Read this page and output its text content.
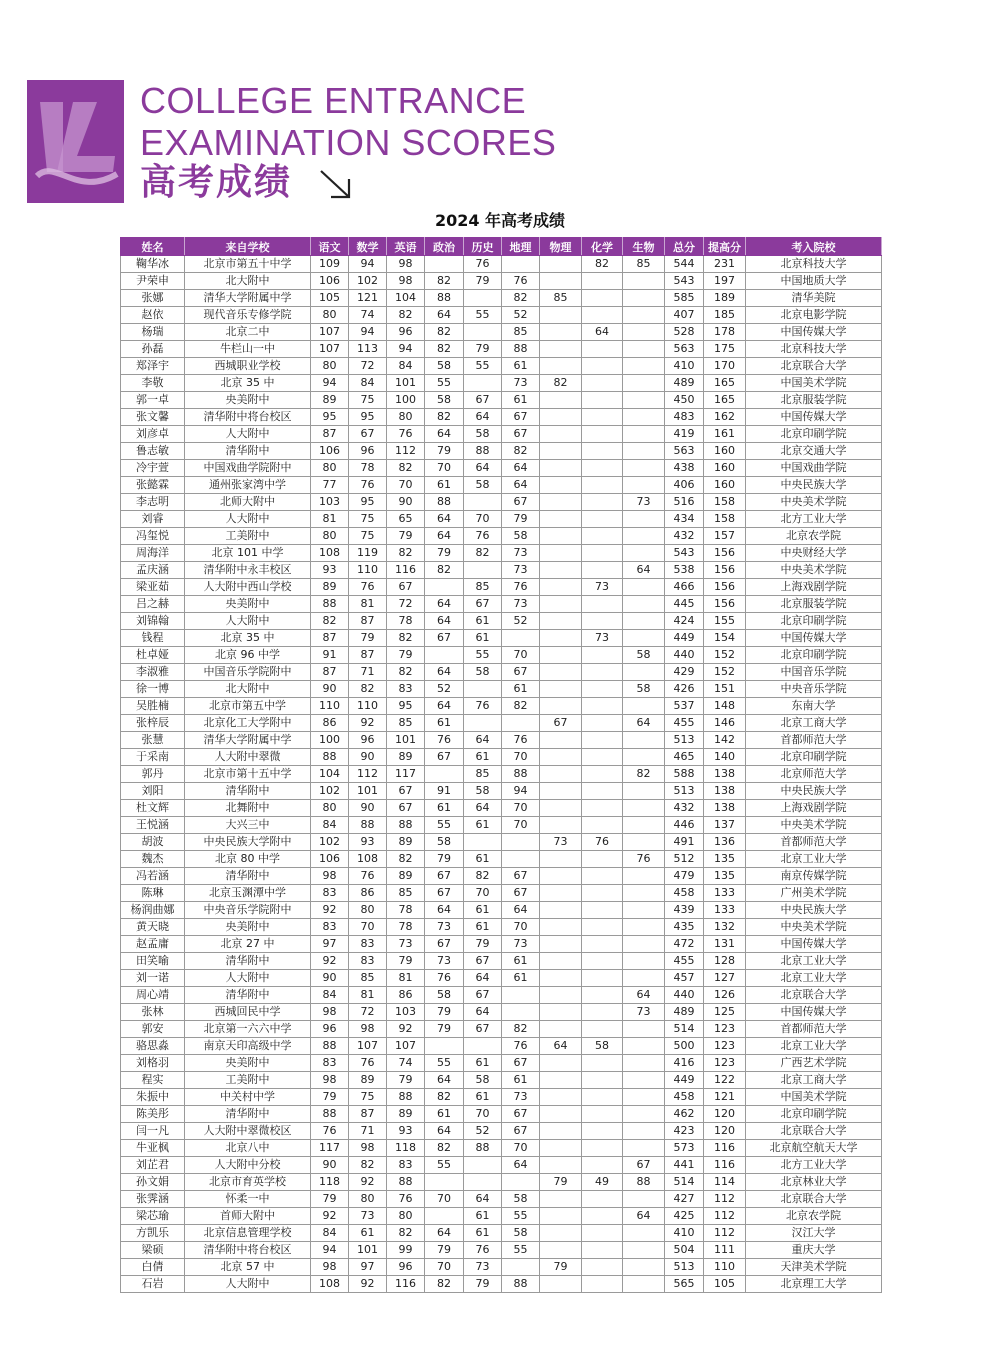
COLLEGE ENTRANCE
EXAMINATION SCORES
高考成绩
2024 年高考成绩
姓名	来自学校	语文	数学	英语	政治	历史	地理	物理	化学	生物	总分	提高分	考入院校
鞠华冰	北京市第五十中学	109	94	98		76			82	85	544	231	北京科技大学
尹荣申	北大附中	106	102	98	82	79	76				543	197	中国地质大学
张娜	清华大学附属中学	105	121	104	88		82	85			585	189	清华美院
赵依	现代音乐专修学院	80	74	82	64	55	52				407	185	北京电影学院
杨瑞	北京二中	107	94	96	82		85		64		528	178	中国传媒大学
孙磊	牛栏山一中	107	113	94	82	79	88				563	175	北京科技大学
郑泽宇	西城职业学校	80	72	84	58	55	61				410	170	北京联合大学
李敬	北京 35 中	94	84	101	55		73	82			489	165	中国美术学院
郭一卓	央美附中	89	75	100	58	67	61				450	165	北京服装学院
张文馨	清华附中将台校区	95	95	80	82	64	67				483	162	中国传媒大学
刘彦卓	人大附中	87	67	76	64	58	67				419	161	北京印刷学院
鲁志敏	清华附中	106	96	112	79	88	82				563	160	北京交通大学
冷宇萱	中国戏曲学院附中	80	78	82	70	64	64				438	160	中国戏曲学院
张懿霖	通州张家湾中学	77	76	70	61	58	64				406	160	中央民族大学
李志明	北师大附中	103	95	90	88		67			73	516	158	中央美术学院
刘睿	人大附中	81	75	65	64	70	79				434	158	北方工业大学
冯玺悦	工美附中	80	75	79	64	76	58				432	157	北京农学院
周海洋	北京 101 中学	108	119	82	79	82	73				543	156	中央财经大学
孟庆涵	清华附中永丰校区	93	110	116	82		73			64	538	156	中央美术学院
梁亚茹	人大附中西山学校	89	76	67		85	76		73		466	156	上海戏剧学院
吕之赫	央美附中	88	81	72	64	67	73				445	156	北京服装学院
刘锦翰	人大附中	82	87	78	64	61	52				424	155	北京印刷学院
钱程	北京 35 中	87	79	82	67	61			73		449	154	中国传媒大学
杜卓娅	北京 96 中学	91	87	79		55	70			58	440	152	北京印刷学院
李淑雅	中国音乐学院附中	87	71	82	64	58	67				429	152	中国音乐学院
徐一博	北大附中	90	82	83	52		61			58	426	151	中央音乐学院
吴胜楠	北京市第五中学	110	110	95	64	76	82				537	148	东南大学
张梓辰	北京化工大学附中	86	92	85	61			67		64	455	146	北京工商大学
张慧	清华大学附属中学	100	96	101	76	64	76				513	142	首都师范大学
于采南	人大附中翠微	88	90	89	67	61	70				465	140	北京印刷学院
郭丹	北京市第十五中学	104	112	117		85	88			82	588	138	北京师范大学
刘阳	清华附中	102	101	67	91	58	94				513	138	中央民族大学
杜文辉	北舞附中	80	90	67	61	64	70				432	138	上海戏剧学院
王悦涵	大兴三中	84	88	88	55	61	70				446	137	中央美术学院
胡波	中央民族大学附中	102	93	89	58			73	76		491	136	首都师范大学
魏杰	北京 80 中学	106	108	82	79	61				76	512	135	北京工业大学
冯若涵	清华附中	98	76	89	67	82	67				479	135	南京传媒学院
陈琳	北京玉渊潭中学	83	86	85	67	70	67				458	133	广州美术学院
杨润曲娜	中央音乐学院附中	92	80	78	64	61	64				439	133	中央民族大学
黄天晓	央美附中	83	70	78	73	61	70				435	132	中央美术学院
赵孟庸	北京 27 中	97	83	73	67	79	73				472	131	中国传媒大学
田笑喻	清华附中	92	83	79	73	67	61				455	128	北京工业大学
刘一诺	人大附中	90	85	81	76	64	61				457	127	北京工业大学
周心靖	清华附中	84	81	86	58	67				64	440	126	北京联合大学
张林	西城回民中学	98	72	103	79	64				73	489	125	中国传媒大学
郭安	北京第一六六中学	96	98	92	79	67	82				514	123	首都师范大学
骆思淼	南京天印高级中学	88	107	107			76	64	58		500	123	北京工业大学
刘格羽	央美附中	83	76	74	55	61	67				416	123	广西艺术学院
程实	工美附中	98	89	79	64	58	61				449	122	北京工商大学
朱振中	中关村中学	79	75	88	82	61	73				458	121	中国美术学院
陈美彤	清华附中	88	87	89	61	70	67				462	120	北京印刷学院
闫一凡	人大附中翠微校区	76	71	93	64	52	67				423	120	北京联合大学
牛亚枫	北京八中	117	98	118	82	88	70				573	116	北京航空航天大学
刘芷君	人大附中分校	90	82	83	55		64			67	441	116	北方工业大学
孙文娟	北京市育英学校	118	92	88				79	49	88	514	114	北京林业大学
张霁涵	怀柔一中	79	80	76	70	64	58				427	112	北京联合大学
梁芯瑜	首师大附中	92	73	80		61	55			64	425	112	北京农学院
方凯乐	北京信息管理学校	84	61	82	64	61	58				410	112	汉江大学
梁硕	清华附中将台校区	94	101	99	79	76	55				504	111	重庆大学
白倩	北京 57 中	98	97	96	70	73		79			513	110	天津美术学院
石岩	人大附中	108	92	116	82	79	88				565	105	北京理工大学
